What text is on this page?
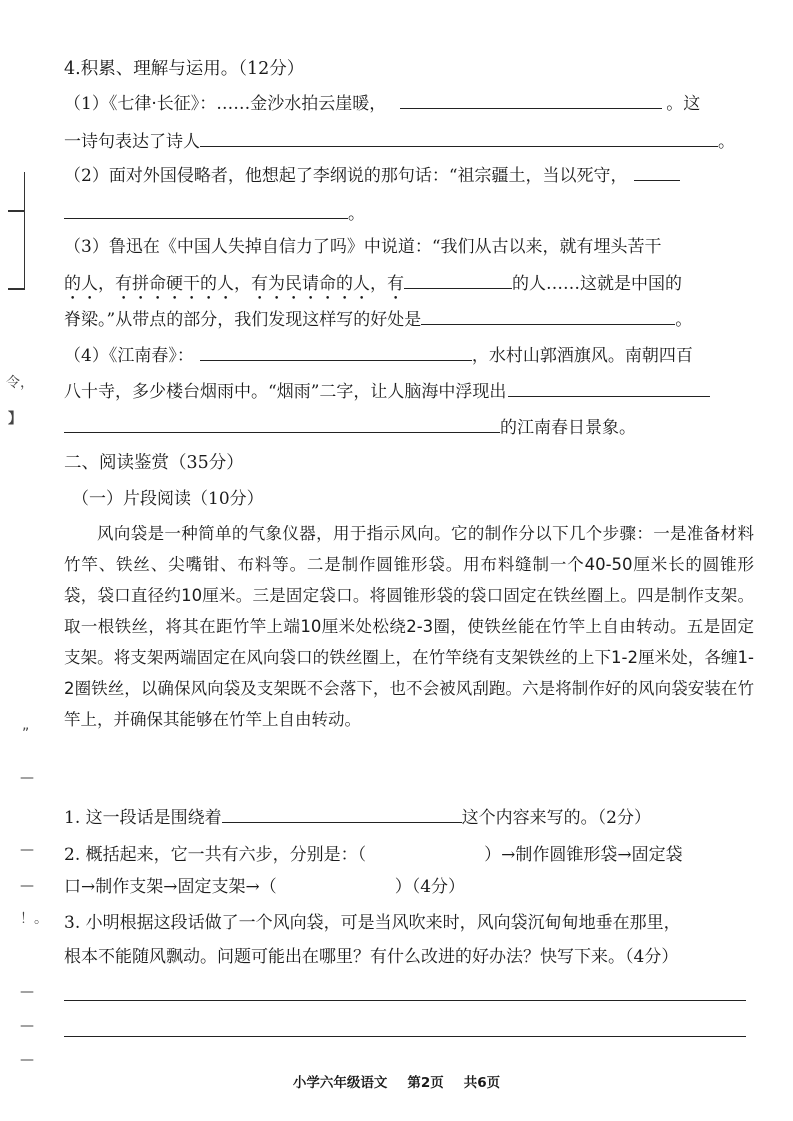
令，
】
”
—
—
—
！。
—
—
—
4.积累、理解与运用。（12分）
（1）《七律·长征》：……金沙水拍云崖暖，	。这
一诗句表达了诗人	。
（2）面对外国侵略者，他想起了李纲说的那句话：“祖宗疆土，当以死守，
。
（3）鲁迅在《中国人失掉自信力了吗》中说道：“我们从古以来，就有埋头苦干
的人，有拼命硬干的人，有为民请命的人，有	的人……这就是中国的
脊梁。”从带点的部分，我们发现这样写的好处是	。
（4）《江南春》：	，水村山郭酒旗风。南朝四百
八十寺，多少楼台烟雨中。“烟雨”二字，让人脑海中浮现出
的江南春日景象。
二、阅读鉴赏（35分）
（一）片段阅读（10分）
风向袋是一种简单的气象仪器，用于指示风向。它的制作分以下几个步骤：一是准备材料竹竿、铁丝、尖嘴钳、布料等。二是制作圆锥形袋。用布料缝制一个40-50厘米长的圆锥形袋，袋口直径约10厘米。三是固定袋口。将圆锥形袋的袋口固定在铁丝圈上。四是制作支架。取一根铁丝，将其在距竹竿上端10厘米处松绕2-3圈，使铁丝能在竹竿上自由转动。五是固定支架。将支架两端固定在风向袋口的铁丝圈上，在竹竿绕有支架铁丝的上下1-2厘米处，各缠1-2圈铁丝，以确保风向袋及支架既不会落下，也不会被风刮跑。六是将制作好的风向袋安装在竹竿上，并确保其能够在竹竿上自由转动。
1. 这一段话是围绕着	这个内容来写的。（2分）
2. 概括起来，它一共有六步，分别是：（	）→制作圆锥形袋→固定袋
口→制作支架→固定支架→（	）（4分）
3. 小明根据这段话做了一个风向袋，可是当风吹来时，风向袋沉甸甸地垂在那里，
根本不能随风飘动。问题可能出在哪里？有什么改进的好办法？快写下来。（4分）
小学六年级语文 第2页 共6页
